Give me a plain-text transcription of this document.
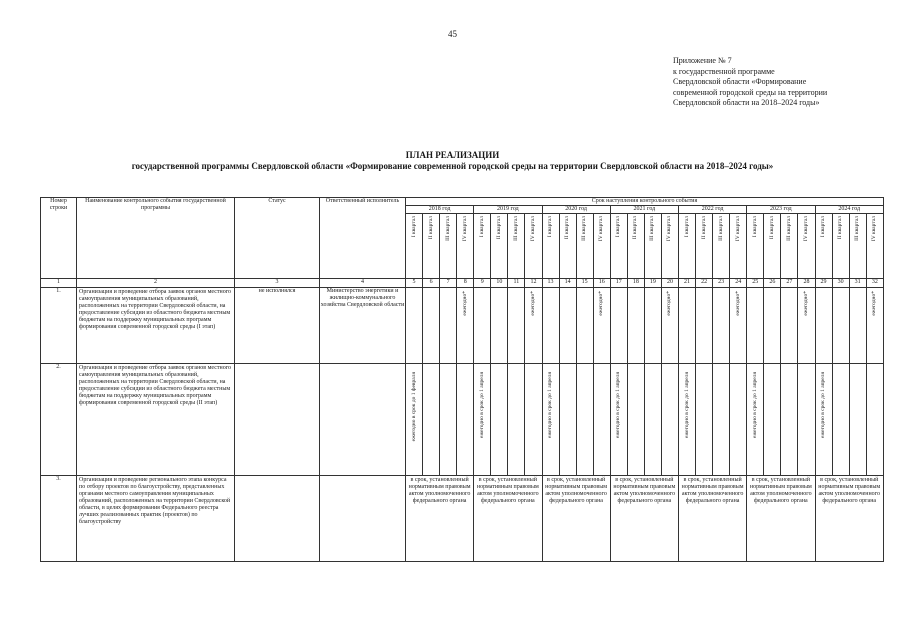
45
Приложение № 7
к государственной программе
Свердловской области «Формирование
современной городской среды на территории
Свердловской области на 2018–2024 годы»
ПЛАН РЕАЛИЗАЦИИ
государственной программы Свердловской области «Формирование современной городской среды на территории Свердловской области на 2018–2024 годы»
Номер строки	Наименование контрольного события государственной программы	Статус	Ответственный исполнитель	Срок наступления контрольного события																											
				2018 год				2019 год				2020 год				2021 год				2022 год				2023 год				2024 год			

				I квартал	II квартал	III квартал	IV квартал	I квартал	II квартал	III квартал	IV квартал	I квартал	II квартал	III квартал	IV квартал	I квартал	II квартал	III квартал	IV квартал	I квартал	II квартал	III квартал	IV квартал	I квартал	II квартал	III квартал	IV квартал	I квартал	II квартал	III квартал	IV квартал

1	2	3	4	5	6	7	8	9	10	11	12	13	14	15	16	17	18	19	20	21	22	23	24	25	26	27	28	29	30	31	32
1.	Организация и проведение отбора заявок органов местного самоуправления муниципальных образований, расположенных на территории Свердловской области, на предоставление субсидии из областного бюджета местным бюджетам на поддержку муниципальных программ формирования современной городской среды (I этап)	не исполнялся	Министерство энергетики и жилищно-коммунального хозяйства Свердловской области				ежегодно*				ежегодно*				ежегодно*				ежегодно*				ежегодно*				ежегодно*				ежегодно*

2.	Организация и проведение отбора заявок органов местного самоуправления муниципальных образований, расположенных на территории Свердловской области, на предоставление субсидии из областного бюджета местным бюджетам на поддержку муниципальных программ формирования современной городской среды (II этап)			ежегодно в срок до 1 февраля				ежегодно в срок до 1 апреля				ежегодно в срок до 1 апреля				ежегодно в срок до 1 апреля				ежегодно в срок до 1 апреля				ежегодно в срок до 1 апреля				ежегодно в срок до 1 апреля			

3.	Организация и проведение регионального этапа конкурса по отбору проектов по благоустройству, представленных органами местного самоуправления муниципальных образований, расположенных на территории Свердловской области, в целях формирования Федерального реестра лучших реализованных практик (проектов) по благоустройству			в срок, установленный нормативным правовым актом уполномоченного федерального органа				в срок, установленный нормативным правовым актом уполномоченного федерального органа				в срок, установленный нормативным правовым актом уполномоченного федерального органа				в срок, установленный нормативным правовым актом уполномоченного федерального органа				в срок, установленный нормативным правовым актом уполномоченного федерального органа				в срок, установленный нормативным правовым актом уполномоченного федерального органа				в срок, установленный нормативным правовым актом уполномоченного федерального органа			
